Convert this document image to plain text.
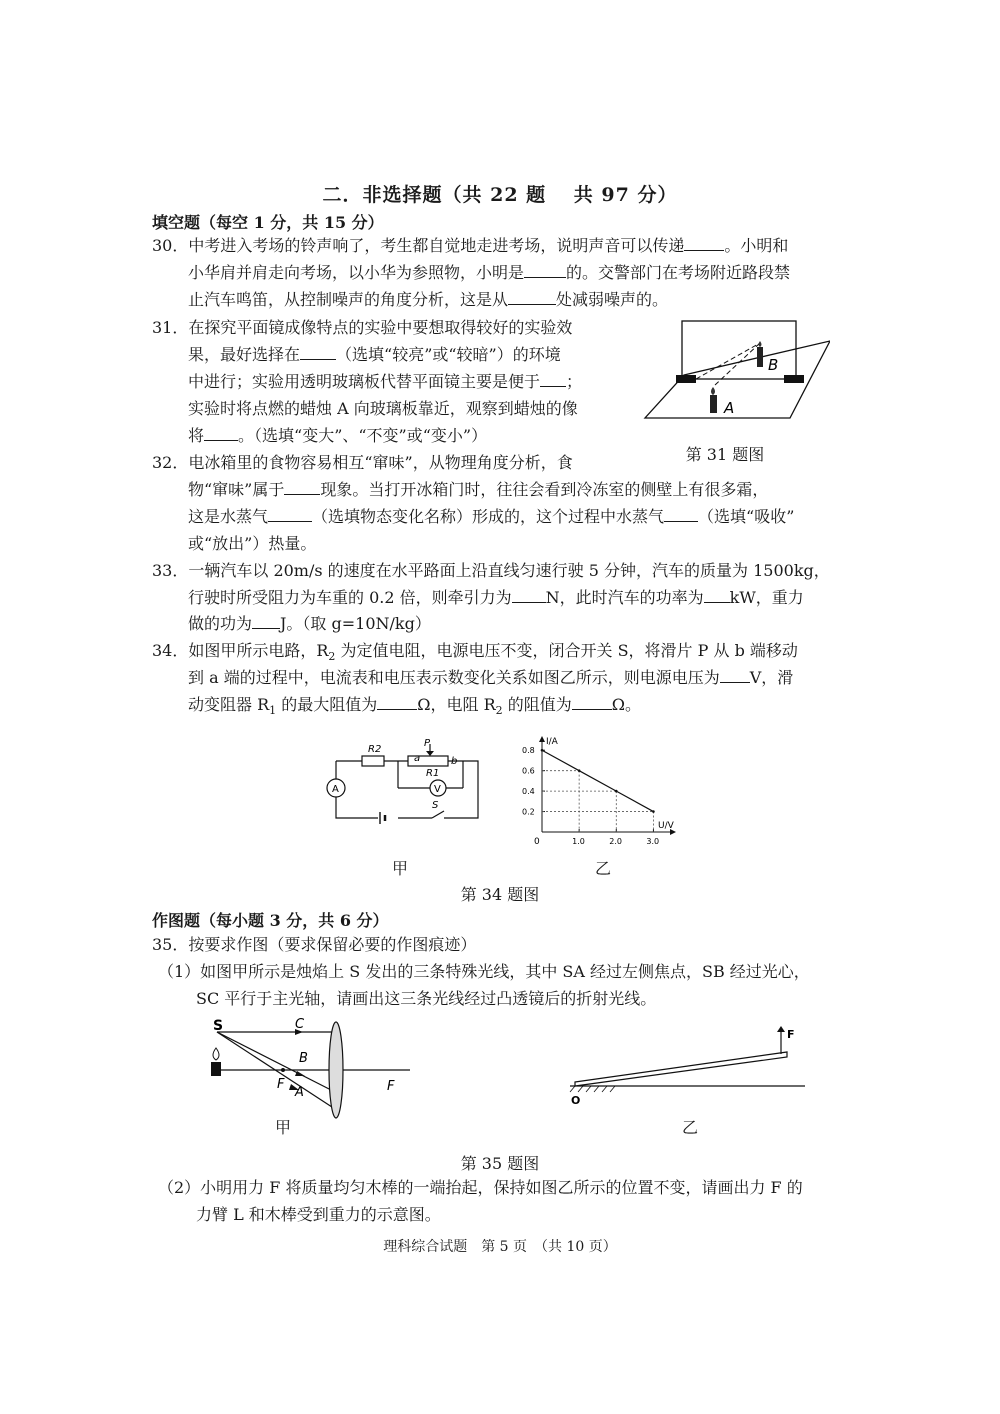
二．非选择题（共 22 题　 共 97 分）
填空题（每空 1 分，共 15 分）
30．中考进入考场的铃声响了，考生都自觉地走进考场，说明声音可以传递	。小明和
小华肩并肩走向考场，以小华为参照物，小明是	的。交警部门在考场附近路段禁
止汽车鸣笛，从控制噪声的角度分析，这是从	处减弱噪声的。
31．在探究平面镜成像特点的实验中要想取得较好的实验效
果，最好选择在 （选填“较亮”或“较暗”）的环境
中进行；实验用透明玻璃板代替平面镜主要是便于 ；
实验时将点燃的蜡烛 A 向玻璃板靠近，观察到蜡烛的像
将 。（选填“变大”、“不变”或“变小”）
B
A
第 31 题图
32．电冰箱里的食物容易相互“窜味”，从物理角度分析，食
物“窜味”属于 现象。当打开冰箱门时，往往会看到冷冻室的侧壁上有很多霜，
这是水蒸气	（选填物态变化名称）形成的，这个过程中水蒸气 （选填“吸收”
或“放出”）热量。
33．一辆汽车以 20m/s 的速度在水平路面上沿直线匀速行驶 5 分钟，汽车的质量为 1500kg，
行驶时所受阻力为车重的 0.2 倍，则牵引力为 N，此时汽车的功率为 kW，重力
做的功为 J。（取 g=10N/kg）
34．如图甲所示电路，$R_2$ 为定值电阻，电源电压不变，闭合开关 S，将滑片 P 从 b 端移动
到 a 端的过程中，电流表和电压表示数变化关系如图乙所示，则电源电压为 V，滑
动变阻器 $R_1$ 的最大阻值为	Ω，电阻 $R_2$ 的阻值为	Ω。
A	V
R2
P
a	b
R1
S
甲
I/A
U/V
0
0.8
0.6
0.4
0.2
1.0	2.0	3.0
乙
第 34 题图
作图题（每小题 3 分，共 6 分）
35．按要求作图（要求保留必要的作图痕迹）
（1）如图甲所示是烛焰上 S 发出的三条特殊光线，其中 SA 经过左侧焦点，SB 经过光心，
SC 平行于主光轴，请画出这三条光线经过凸透镜后的折射光线。
S	C
B
A
F	F
甲
F
O
乙
第 35 题图
（2）小明用力 F 将质量均匀木棒的一端抬起，保持如图乙所示的位置不变，请画出力 F 的
力臂 L 和木棒受到重力的示意图。
理科综合试题　第 5 页　（共 10 页）
